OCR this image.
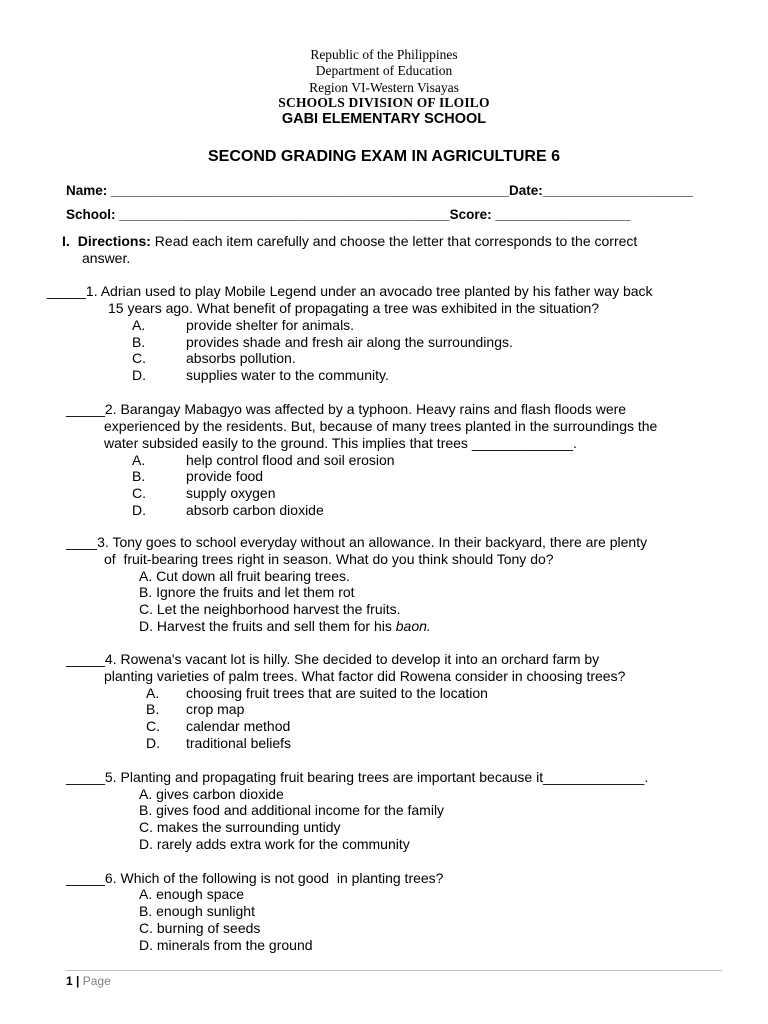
Republic of the Philippines
Department of Education
Region VI-Western Visayas
SCHOOLS DIVISION OF ILOILO
GABI ELEMENTARY SCHOOL
SECOND GRADING EXAM IN AGRICULTURE 6
Name: _____________________________________________________Date:____________________
School: ____________________________________________Score: __________________
I. Directions: Read each item carefully and choose the letter that corresponds to the correct
answer.
_____1. Adrian used to play Mobile Legend under an avocado tree planted by his father way back
15 years ago. What benefit of propagating a tree was exhibited in the situation?
A.	provide shelter for animals.
B.	provides shade and fresh air along the surroundings.
C.	absorbs pollution.
D.	supplies water to the community.
_____2. Barangay Mabagyo was affected by a typhoon. Heavy rains and flash floods were
experienced by the residents. But, because of many trees planted in the surroundings the
water subsided easily to the ground. This implies that trees _____________.
A.	help control flood and soil erosion
B.	provide food
C.	supply oxygen
D.	absorb carbon dioxide
____3. Tony goes to school everyday without an allowance. In their backyard, there are plenty
of  fruit-bearing trees right in season. What do you think should Tony do?
A. Cut down all fruit bearing trees.
B. Ignore the fruits and let them rot
C. Let the neighborhood harvest the fruits.
D. Harvest the fruits and sell them for his baon.
_____4. Rowena's vacant lot is hilly. She decided to develop it into an orchard farm by
planting varieties of palm trees. What factor did Rowena consider in choosing trees?
A. choosing fruit trees that are suited to the location
B. crop map
C. calendar method
D. traditional beliefs
_____5. Planting and propagating fruit bearing trees are important because it_____________.
A. gives carbon dioxide
B. gives food and additional income for the family
C. makes the surrounding untidy
D. rarely adds extra work for the community
_____6. Which of the following is not good  in planting trees?
A. enough space
B. enough sunlight
C. burning of seeds
D. minerals from the ground
1 | Page
